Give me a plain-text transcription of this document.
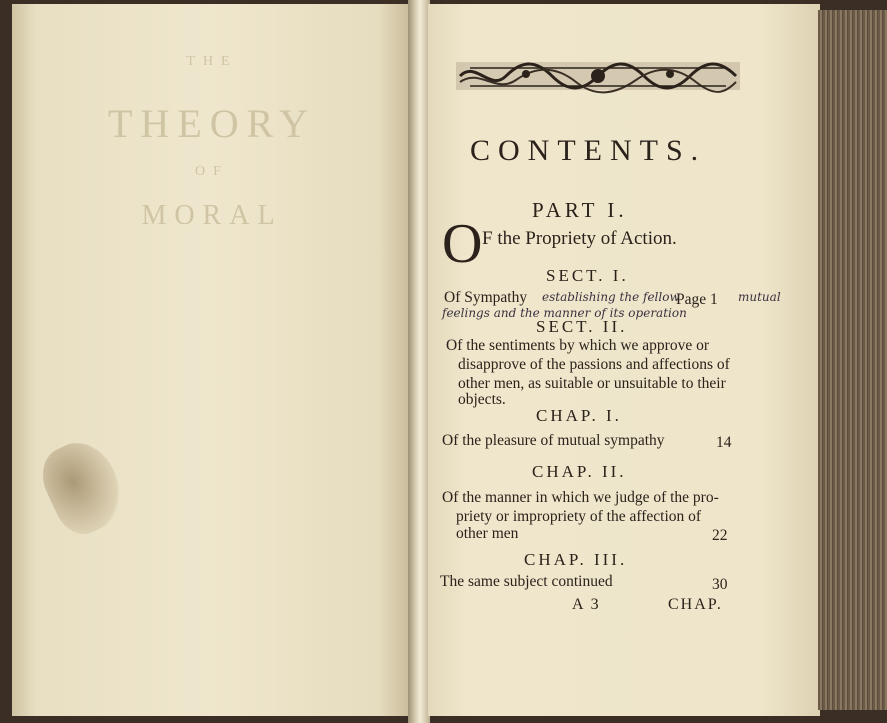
THE
THEORY
OF
MORAL
CONTENTS.
PART I.
O F the Propriety of Action.
SECT. I.
Of Sympathy	Page 1
establishing the fellow
feelings and the manner of its operation
mutual
SECT. II.
Of the sentiments by which we approve or
disapprove of the passions and affections of
other men, as suitable or unsuitable to their
objects.
CHAP. I.
Of the pleasure of mutual sympathy	14
CHAP. II.
Of the manner in which we judge of the pro-
priety or impropriety of the affection of
other men	22
CHAP. III.
The same subject continued	30
A 3	CHAP.
